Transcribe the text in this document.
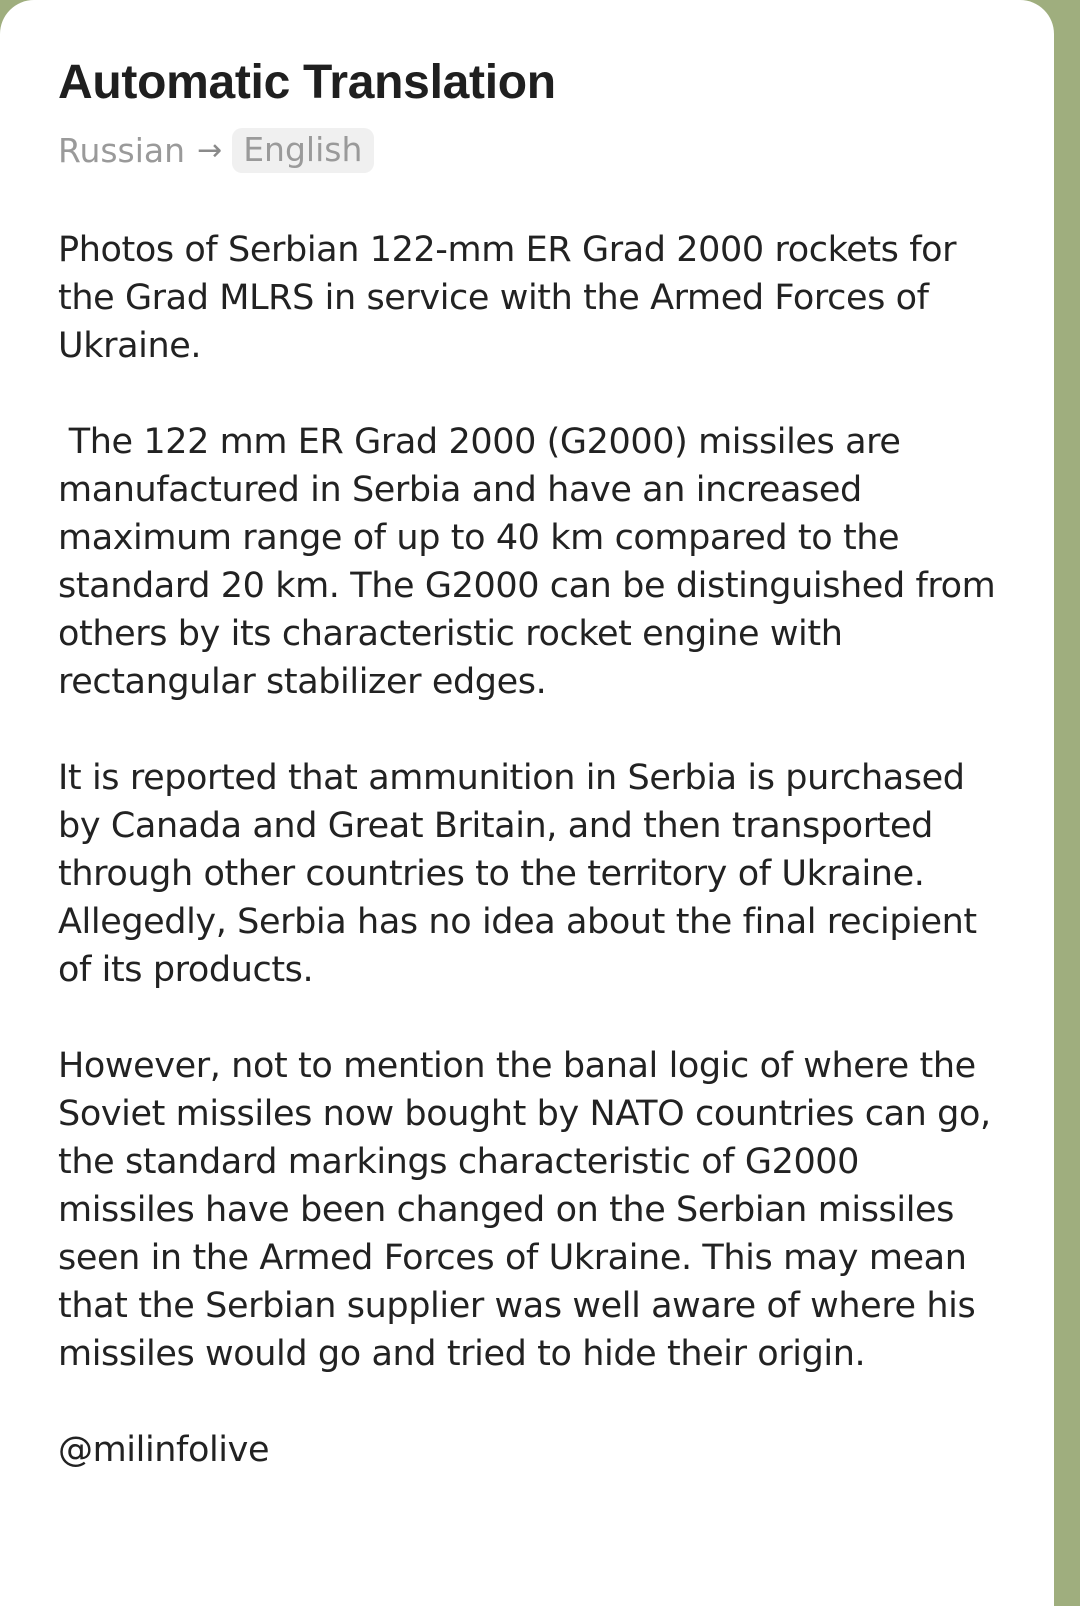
Automatic Translation
Russian → English

Photos of Serbian 122-mm ER Grad 2000 rockets for the Grad MLRS in service with the Armed Forces of Ukraine.

The 122 mm ER Grad 2000 (G2000) missiles are manufactured in Serbia and have an increased maximum range of up to 40 km compared to the standard 20 km. The G2000 can be distinguished from others by its characteristic rocket engine with rectangular stabilizer edges.

It is reported that ammunition in Serbia is purchased by Canada and Great Britain, and then transported through other countries to the territory of Ukraine. Allegedly, Serbia has no idea about the final recipient of its products.

However, not to mention the banal logic of where the Soviet missiles now bought by NATO countries can go, the standard markings characteristic of G2000 missiles have been changed on the Serbian missiles seen in the Armed Forces of Ukraine. This may mean that the Serbian supplier was well aware of where his missiles would go and tried to hide their origin.

@milinfolive
